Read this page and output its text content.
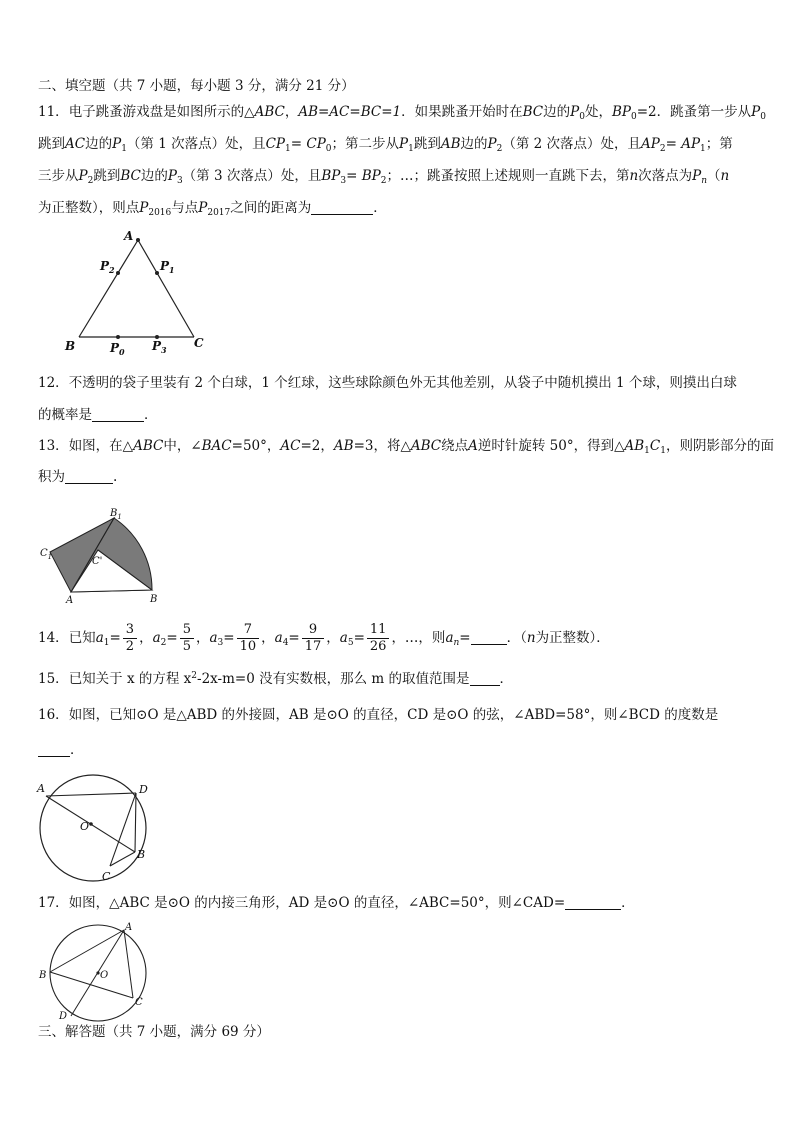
二、填空题（共 7 小题，每小题 3 分，满分 21 分）
11．电子跳蚤游戏盘是如图所示的△ABC，AB=AC=BC=1．如果跳蚤开始时在BC边的$P_0$处，$BP_0=2$．跳蚤第一步从$P_0$
跳到AC边的$P_1$（第 1 次落点）处，且$CP_1= CP_0$；第二步从$P_1$跳到AB边的$P_2$（第 2 次落点）处，且$AP_2= AP_1$；第
三步从$P_2$跳到BC边的$P_3$（第 3 次落点）处，且$BP_3= BP_2$；…；跳蚤按照上述规则一直跳下去，第n次落点为$P_n(n$
为正整数），则点$P_{2016}$与点$P_{2017}$之间的距离为	．
A
$P_2$	$P_1$
B	C
$P_0$ $P_3$
12．不透明的袋子里装有 2 个白球，1 个红球，这些球除颜色外无其他差别，从袋子中随机摸出 1 个球，则摸出白球
的概率是	．
13．如图，在△ABC中，∠BAC=50°，AC=2，AB=3，将△ABC绕点A逆时针旋转 50°，得到$\triangle AB_1C_1$，则阴影部分的面
积为	.
$B_1$
$C_1$	C'
A	B
14．已知$a_1= \frac{3}{2}$ ，$a_2= \frac{5}{5}$ ，$a_3= \frac{7}{10}$ ，$a_4= \frac{9}{17}$ ，$a_5= \frac{11}{26}$ ，…，则$a_n=$	．（n为正整数）．
15．已知关于 x 的方程 $x^2-2x-m=0$ 没有实数根，那么 m 的取值范围是 ．
16．如图，已知⊙O 是△ABD 的外接圆，AB 是⊙O 的直径，CD 是⊙O 的弦，∠ABD=58°，则∠BCD 的度数是
．
A	D
O
B
C
17．如图，△ABC 是⊙O 的内接三角形，AD 是⊙O 的直径，∠ABC=50°，则∠CAD=	．
A
B	O
C
D
三、解答题（共 7 小题，满分 69 分）
